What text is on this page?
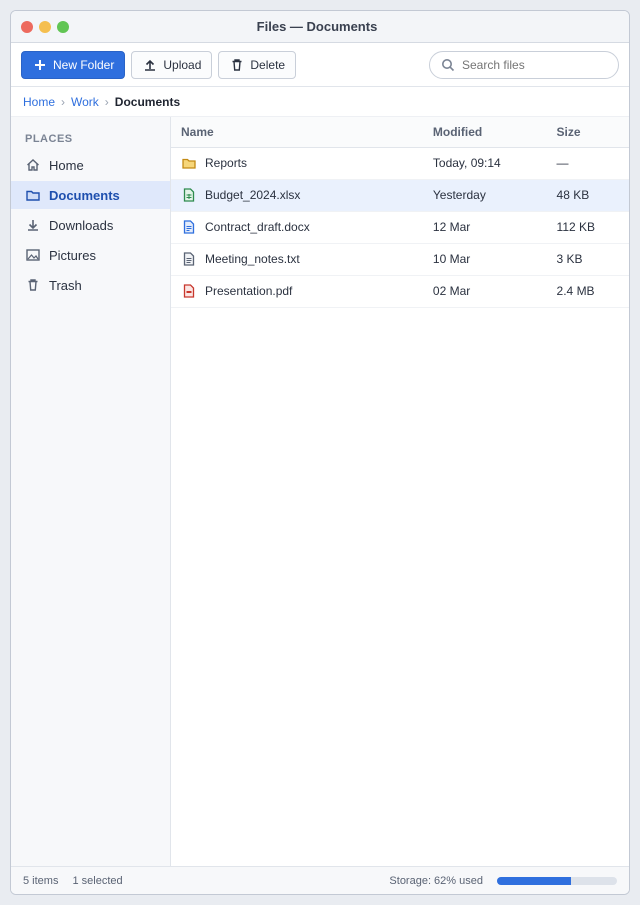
Files — Documents
New Folder	Upload	Delete
Search files
Home › Work › Documents
PLACES
Home
Documents
Downloads
Pictures
Trash
Name	Modified	Size

Reports	Today, 09:14	—

Budget_2024.xlsx	Yesterday	48 KB

Contract_draft.docx	12 Mar	112 KB

Meeting_notes.txt	10 Mar	3 KB

Presentation.pdf	02 Mar	2.4 MB
5 items 1 selected	Storage: 62% used
